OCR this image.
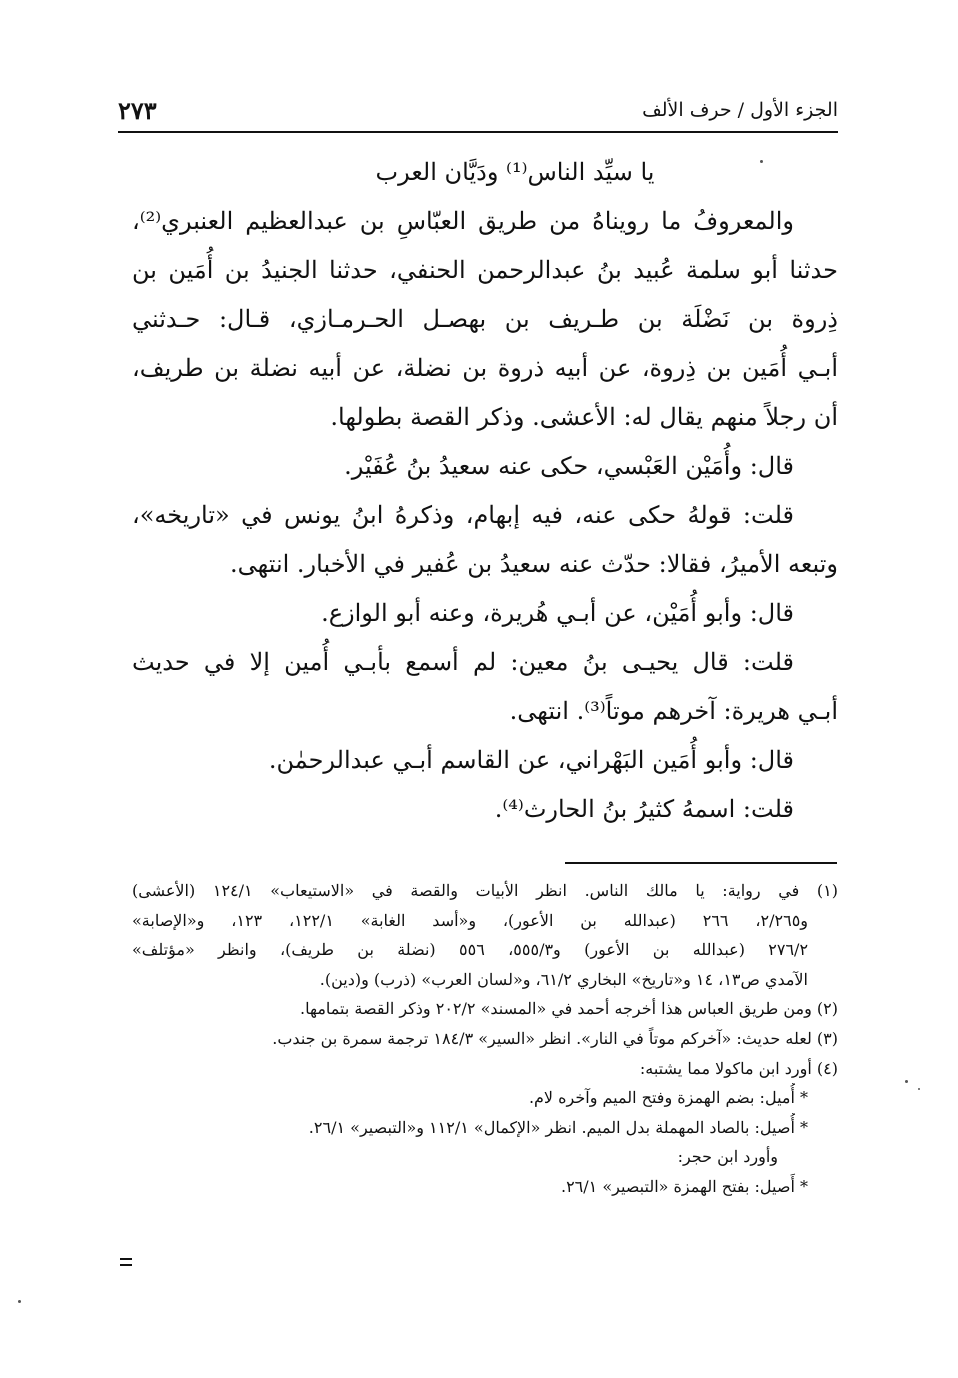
الجزء الأول / حرف الألف
٢٧٣
يا سيِّد الناس⁽¹⁾ ودَيَّان العرب
والمعروفُ ما رويناهُ من طريق العبّاسِ بن عبدالعظيم العنبري⁽²⁾،
حدثنا أبو سلمة عُبيد بنُ عبدالرحمن الحنفي، حدثنا الجنيدُ بن أُمَين بن
ذِروة بن نَضْلَة بن طـريف بن بهصـل الحـرمـازي، قـال: حـدثني
أبـي أُمَين بن ذِروة، عن أبيه ذروة بن نضلة، عن أبيه نضلة بن طريف،
أن رجلاً منهم يقال له: الأعشى. وذكر القصة بطولها.
قال: وأُمَيْن العَبْسي، حكى عنه سعيدُ بنُ عُفَيْر.
قلت: قولهُ حكى عنه، فيه إبهام، وذكرهُ ابنُ يونس في «تاريخه»،
وتبعه الأميرُ، فقالا: حدّث عنه سعيدُ بن عُفير في الأخبار. انتهى.
قال: وأبو أُمَيْن، عن أبـي هُريرة، وعنه أبو الوازع.
قلت: قال يحيـى بنُ معين: لم أسمع بأبـي أُمين إلا في حديث
أبـي هريرة: آخرهم موتاً⁽³⁾. انتهى.
قال: وأبو أُمَين البَهْراني، عن القاسم أبـي عبدالرحمٰن.
قلت: اسمهُ كثيرُ بنُ الحارث⁽⁴⁾.
(١) في رواية: يا مالك الناس. انظر الأبيات والقصة في «الاستيعاب» ١٢٤/١ (الأعشى)
و٢/٢٦٥، ٢٦٦ (عبدالله بن الأعور)، و«أسد الغابة» ١٢٢/١، ١٢٣، و«الإصابة»
٢٧٦/٢ (عبدالله بن الأعور) و٥٥٥/٣، ٥٥٦ (نضلة بن طريف)، وانظر «مؤتلف»
الآمدي ص١٣، ١٤ و«تاريخ» البخاري ٦١/٢، و«لسان العرب» (ذرب) و(دين).
(٢) ومن طريق العباس هذا أخرجه أحمد في «المسند» ٢٠٢/٢ وذكر القصة بتمامها.
(٣) لعله حديث: «آخركم موتاً في النار». انظر «السير» ١٨٤/٣ ترجمة سمرة بن جندب.
(٤) أورد ابن ماكولا مما يشتبه:
* أُميل: بضم الهمزة وفتح الميم وآخره لام.
* أُصيل: بالصاد المهملة بدل الميم. انظر «الإكمال» ١١٢/١ و«التبصير» ٢٦/١.
وأورد ابن حجر:
* أَصيل: بفتح الهمزة «التبصير» ٢٦/١.
